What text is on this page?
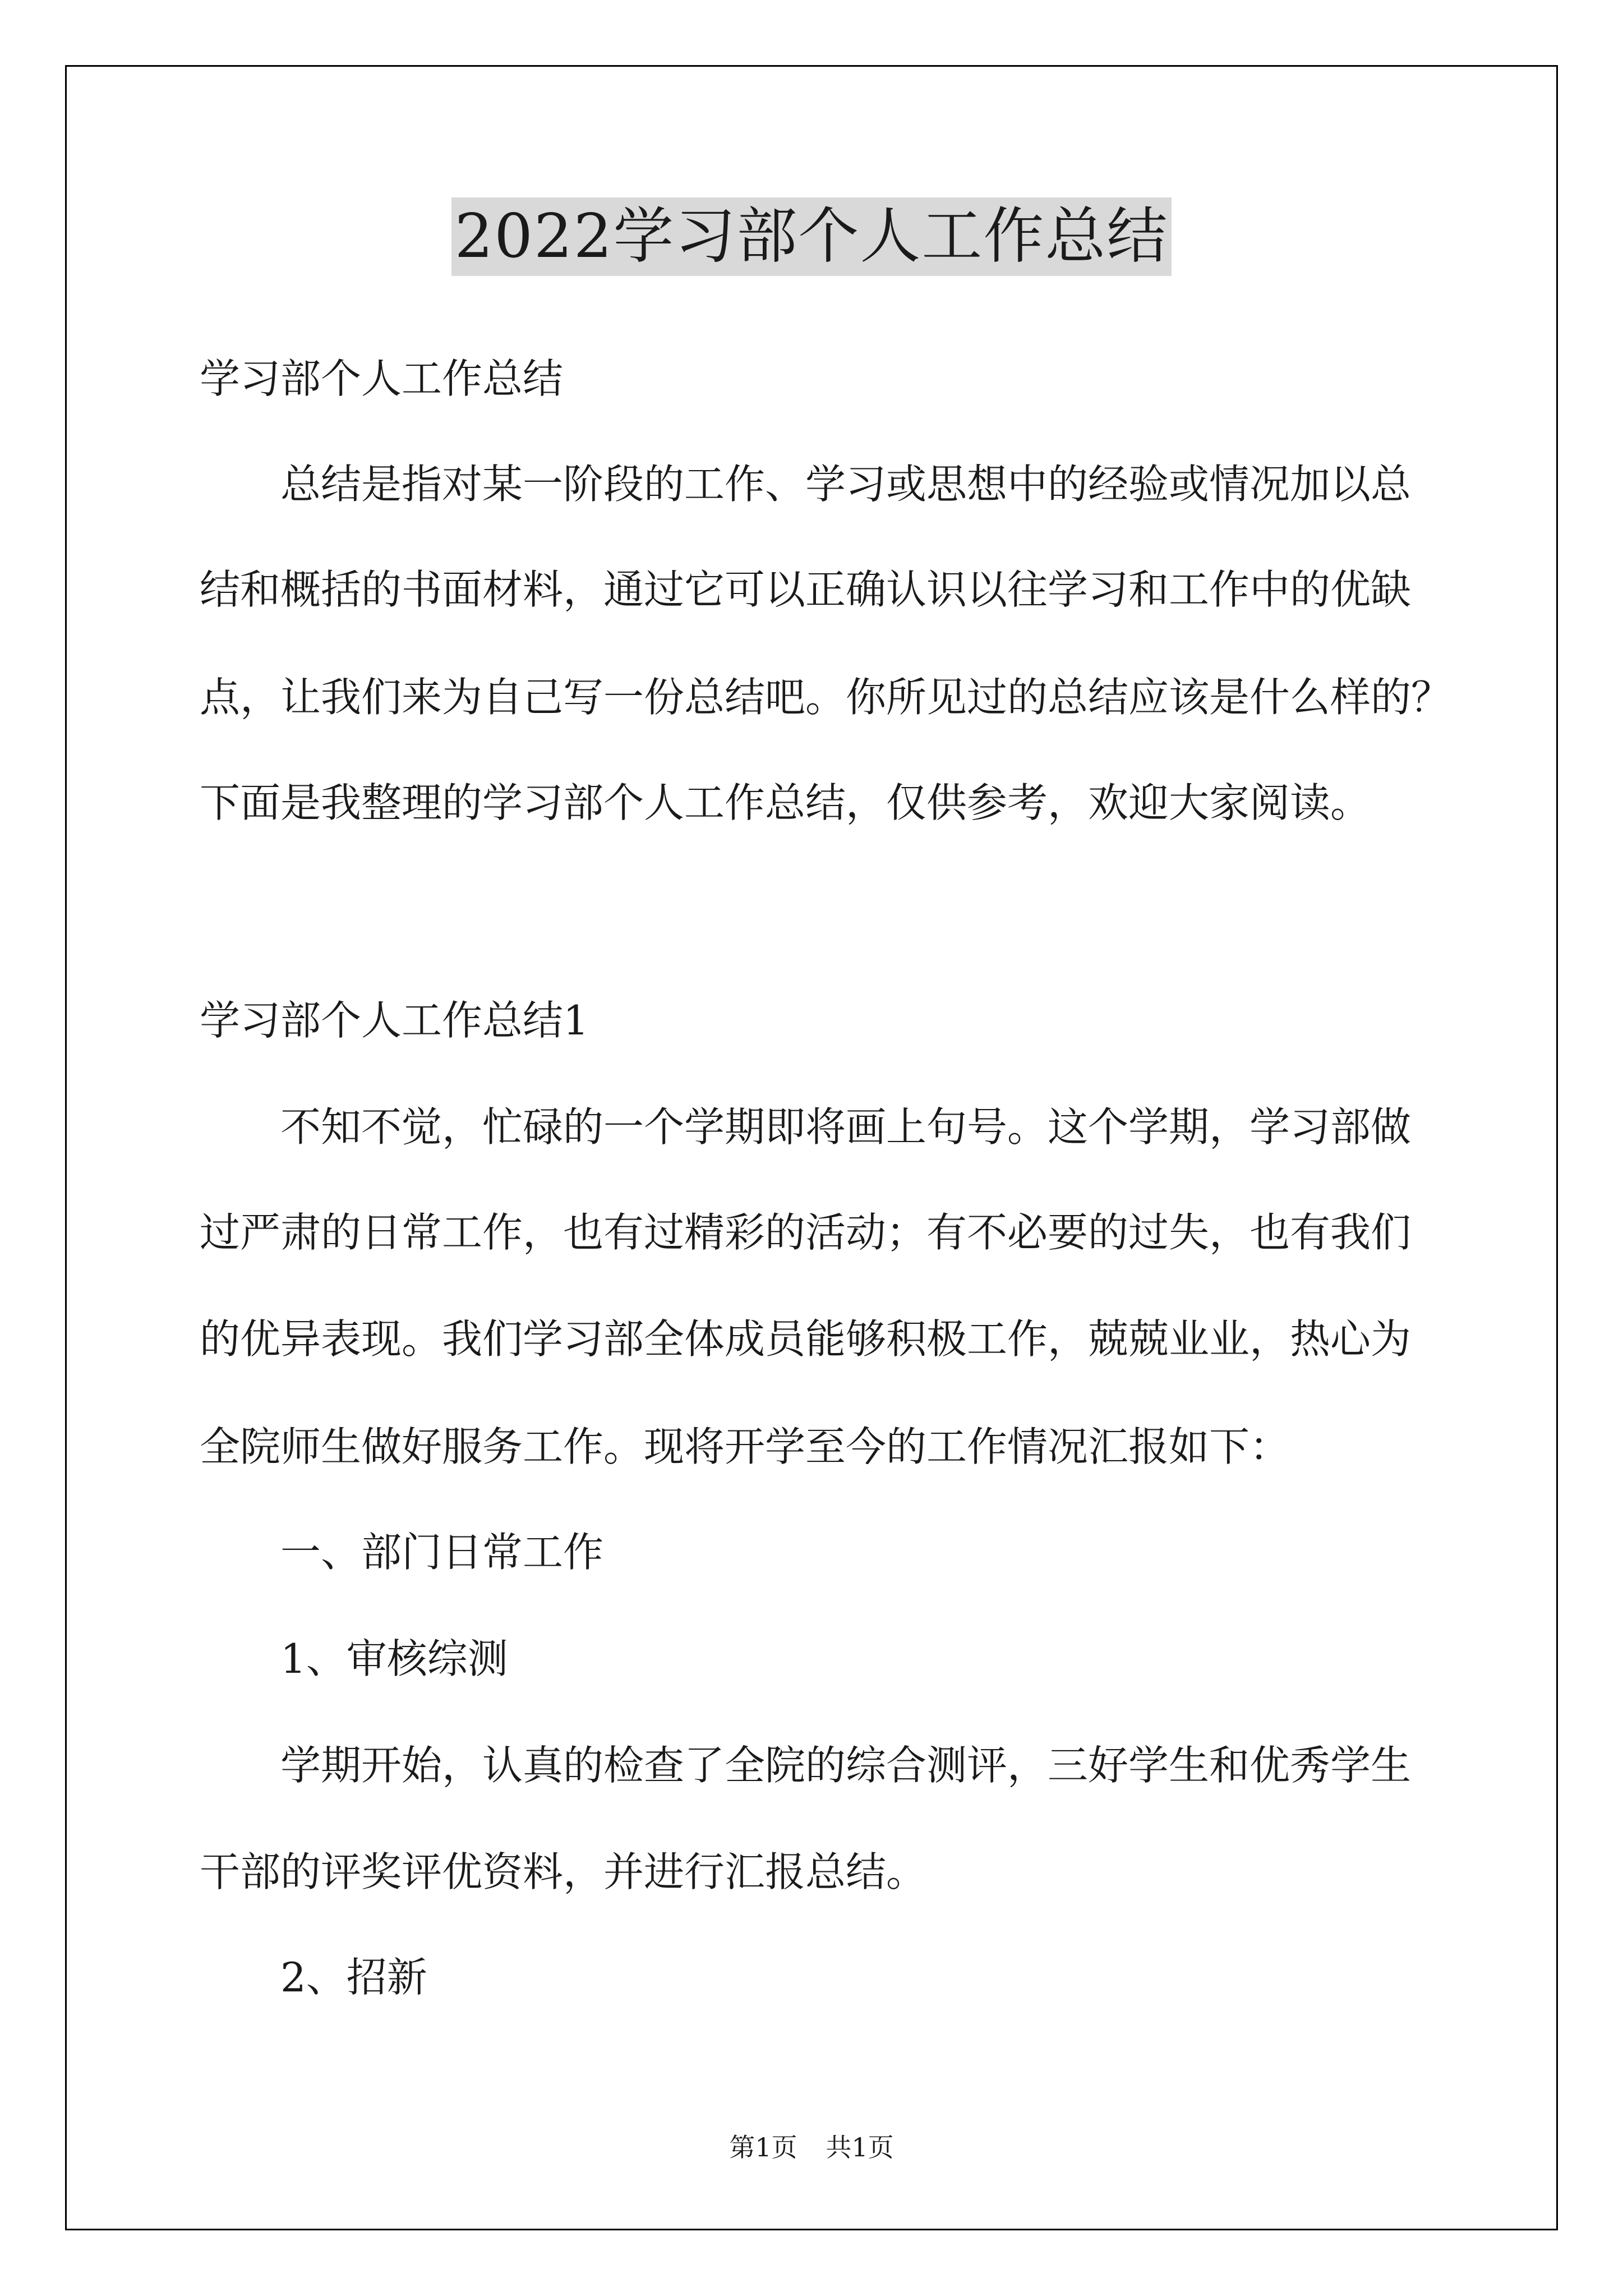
2022学习部个人工作总结
学习部个人工作总结
总结是指对某一阶段的工作、学习或思想中的经验或情况加以总
结和概括的书面材料，通过它可以正确认识以往学习和工作中的优缺
点，让我们来为自己写一份总结吧。你所见过的总结应该是什么样的？
下面是我整理的学习部个人工作总结，仅供参考，欢迎大家阅读。
学习部个人工作总结1
不知不觉，忙碌的一个学期即将画上句号。这个学期，学习部做
过严肃的日常工作，也有过精彩的活动；有不必要的过失，也有我们
的优异表现。我们学习部全体成员能够积极工作，兢兢业业，热心为
全院师生做好服务工作。现将开学至今的工作情况汇报如下：
一、部门日常工作
1、审核综测
学期开始，认真的检查了全院的综合测评，三好学生和优秀学生
干部的评奖评优资料，并进行汇报总结。
2、招新
第1页 共1页
